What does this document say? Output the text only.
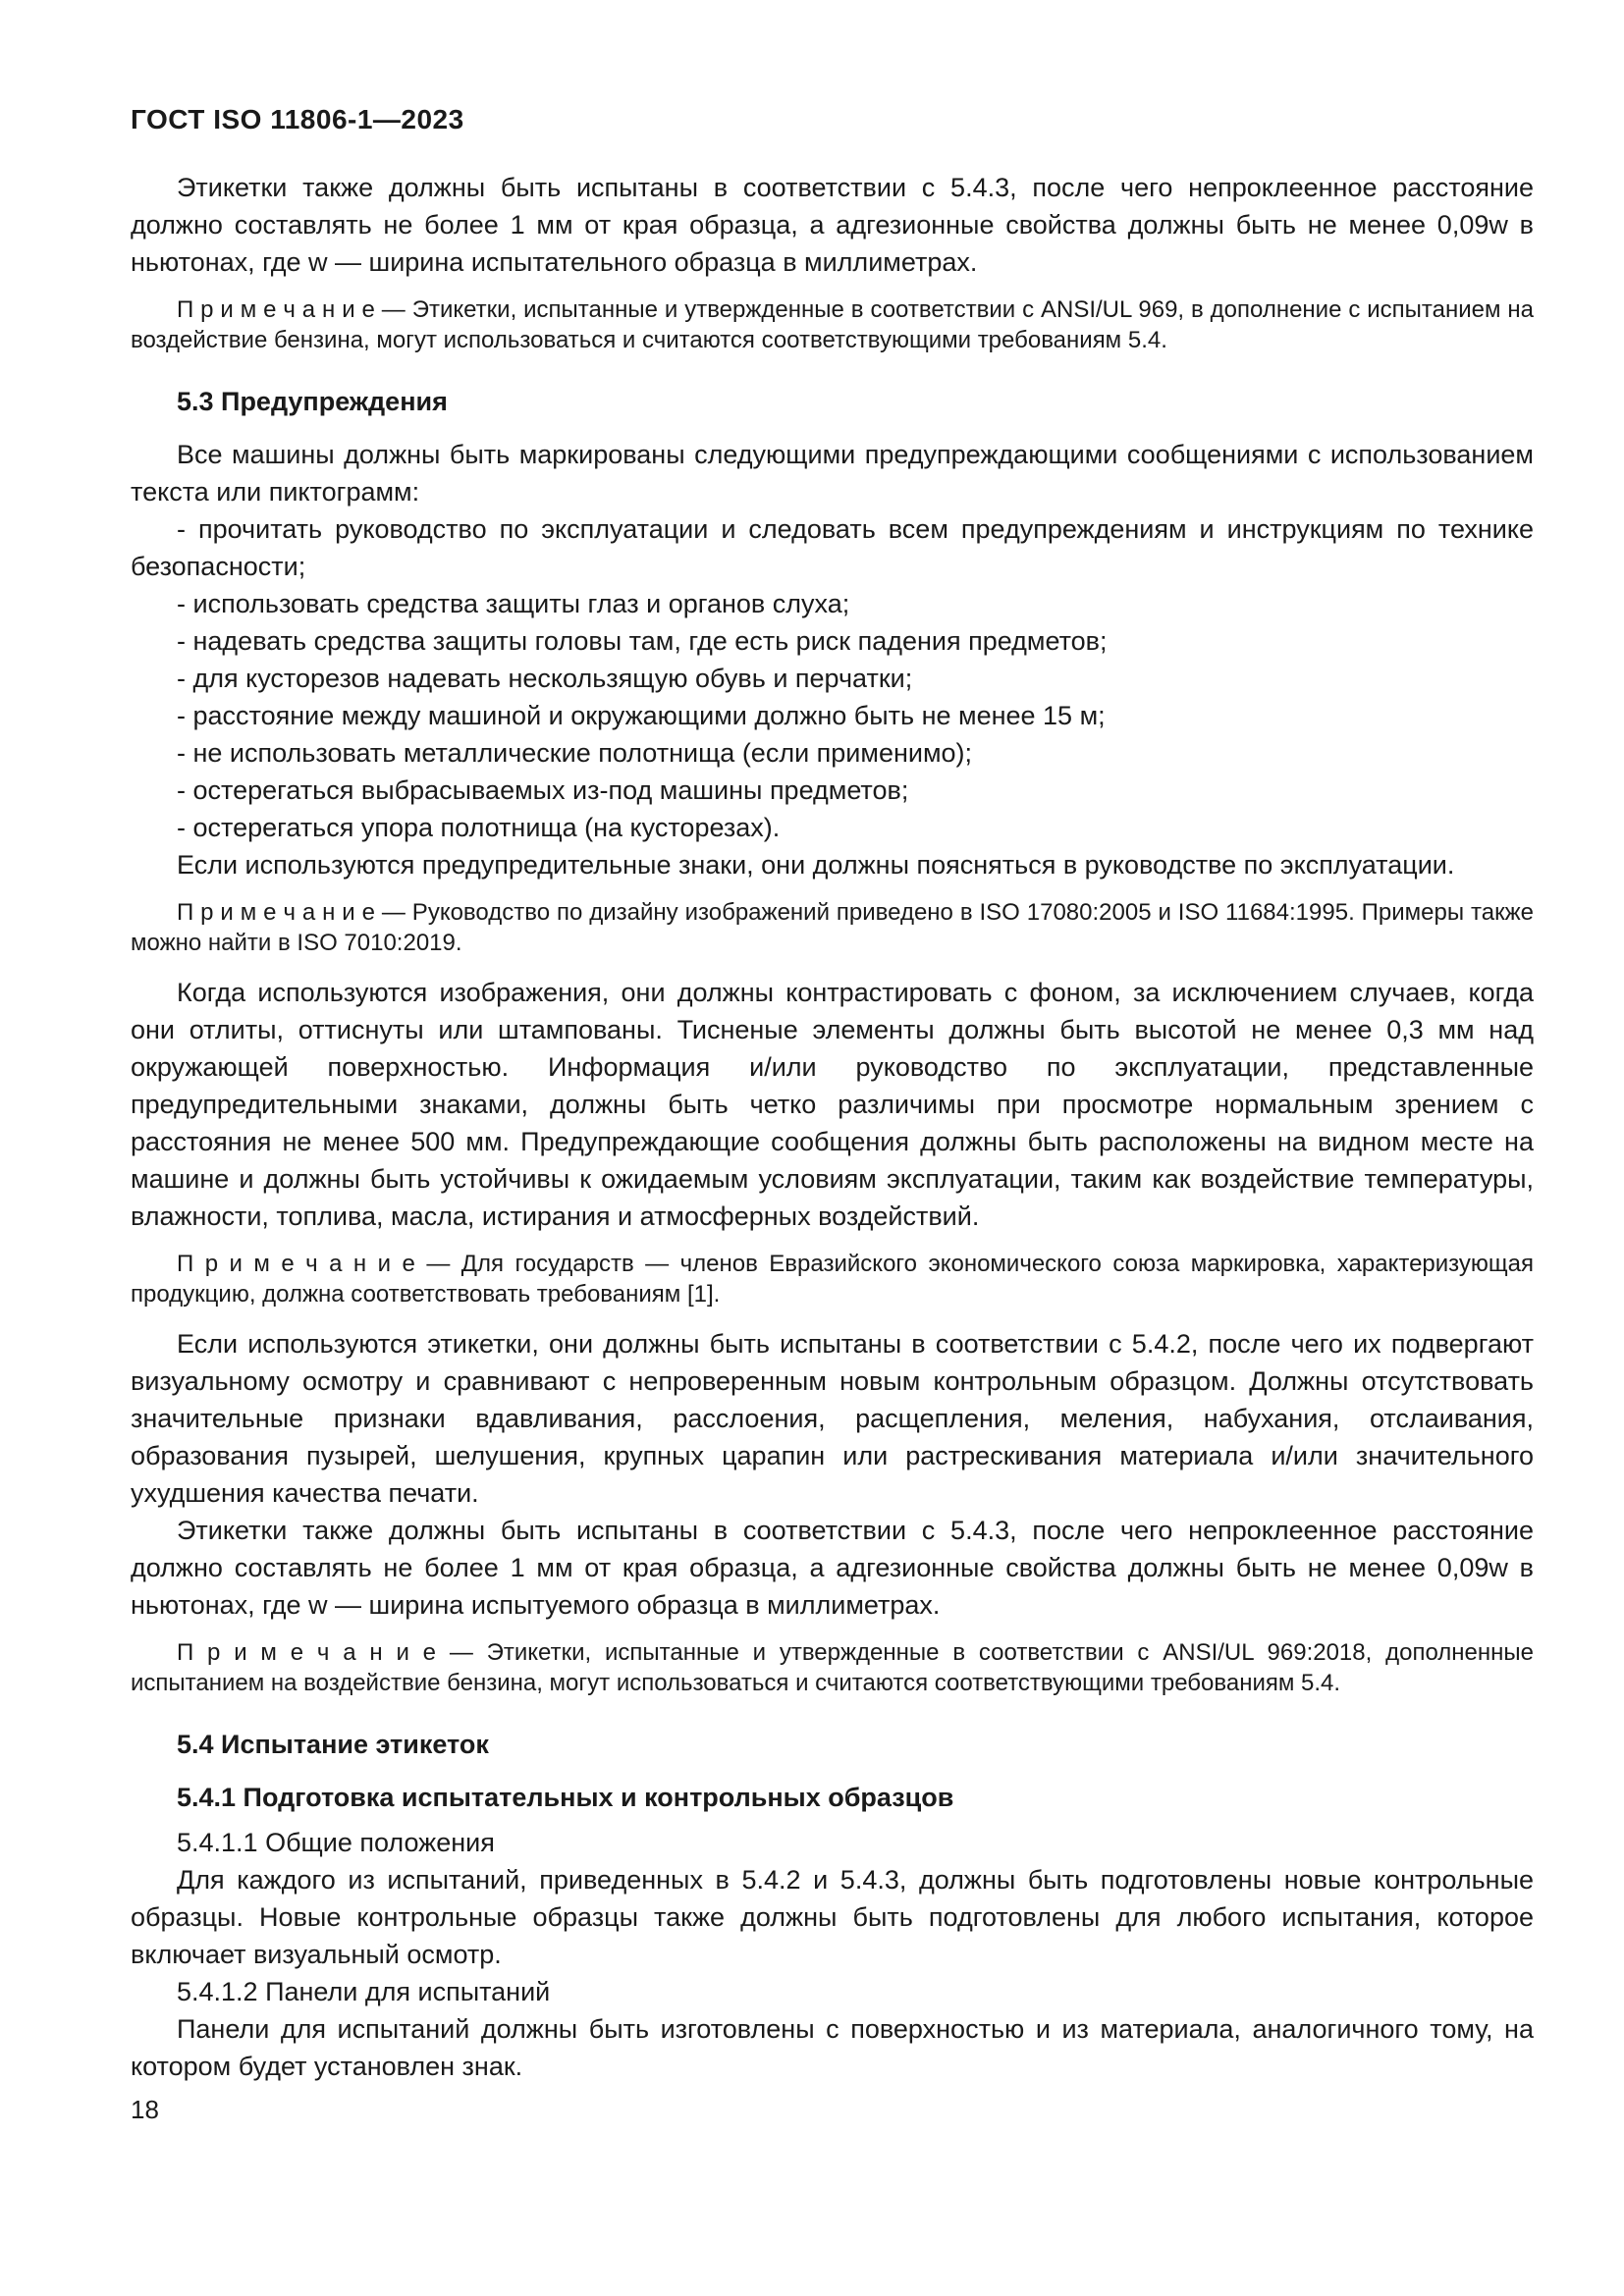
ГОСТ ISO 11806-1—2023

Этикетки также должны быть испытаны в соответствии с 5.4.3, после чего непроклеенное расстояние должно составлять не более 1 мм от края образца, а адгезионные свойства должны быть не менее 0,09w в ньютонах, где w — ширина испытательного образца в миллиметрах.

П р и м е ч а н и е — Этикетки, испытанные и утвержденные в соответствии с ANSI/UL 969, в дополнение с испытанием на воздействие бензина, могут использоваться и считаются соответствующими требованиям 5.4.

5.3 Предупреждения

Все машины должны быть маркированы следующими предупреждающими сообщениями с использованием текста или пиктограмм:

- прочитать руководство по эксплуатации и следовать всем предупреждениям и инструкциям по технике безопасности;

- использовать средства защиты глаз и органов слуха;

- надевать средства защиты головы там, где есть риск падения предметов;

- для кусторезов надевать нескользящую обувь и перчатки;

- расстояние между машиной и окружающими должно быть не менее 15 м;

- не использовать металлические полотнища (если применимо);

- остерегаться выбрасываемых из-под машины предметов;

- остерегаться упора полотнища (на кусторезах).

Если используются предупредительные знаки, они должны поясняться в руководстве по эксплуатации.

П р и м е ч а н и е — Руководство по дизайну изображений приведено в ISO 17080:2005 и ISO 11684:1995. Примеры также можно найти в ISO 7010:2019.

Когда используются изображения, они должны контрастировать с фоном, за исключением случаев, когда они отлиты, оттиснуты или штампованы. Тисненые элементы должны быть высотой не менее 0,3 мм над окружающей поверхностью. Информация и/или руководство по эксплуатации, представленные предупредительными знаками, должны быть четко различимы при просмотре нормальным зрением с расстояния не менее 500 мм. Предупреждающие сообщения должны быть расположены на видном месте на машине и должны быть устойчивы к ожидаемым условиям эксплуатации, таким как воздействие температуры, влажности, топлива, масла, истирания и атмосферных воздействий.

П р и м е ч а н и е — Для государств — членов Евразийского экономического союза маркировка, характеризующая продукцию, должна соответствовать требованиям [1].

Если используются этикетки, они должны быть испытаны в соответствии с 5.4.2, после чего их подвергают визуальному осмотру и сравнивают с непроверенным новым контрольным образцом. Должны отсутствовать значительные признаки вдавливания, расслоения, расщепления, меления, набухания, отслаивания, образования пузырей, шелушения, крупных царапин или растрескивания материала и/или значительного ухудшения качества печати.

Этикетки также должны быть испытаны в соответствии с 5.4.3, после чего непроклеенное расстояние должно составлять не более 1 мм от края образца, а адгезионные свойства должны быть не менее 0,09w в ньютонах, где w — ширина испытуемого образца в миллиметрах.

П р и м е ч а н и е — Этикетки, испытанные и утвержденные в соответствии с ANSI/UL 969:2018, дополненные испытанием на воздействие бензина, могут использоваться и считаются соответствующими требованиям 5.4.

5.4 Испытание этикеток
5.4.1 Подготовка испытательных и контрольных образцов
5.4.1.1 Общие положения

Для каждого из испытаний, приведенных в 5.4.2 и 5.4.3, должны быть подготовлены новые контрольные образцы. Новые контрольные образцы также должны быть подготовлены для любого испытания, которое включает визуальный осмотр.

5.4.1.2 Панели для испытаний

Панели для испытаний должны быть изготовлены с поверхностью и из материала, аналогичного тому, на котором будет установлен знак.

18
